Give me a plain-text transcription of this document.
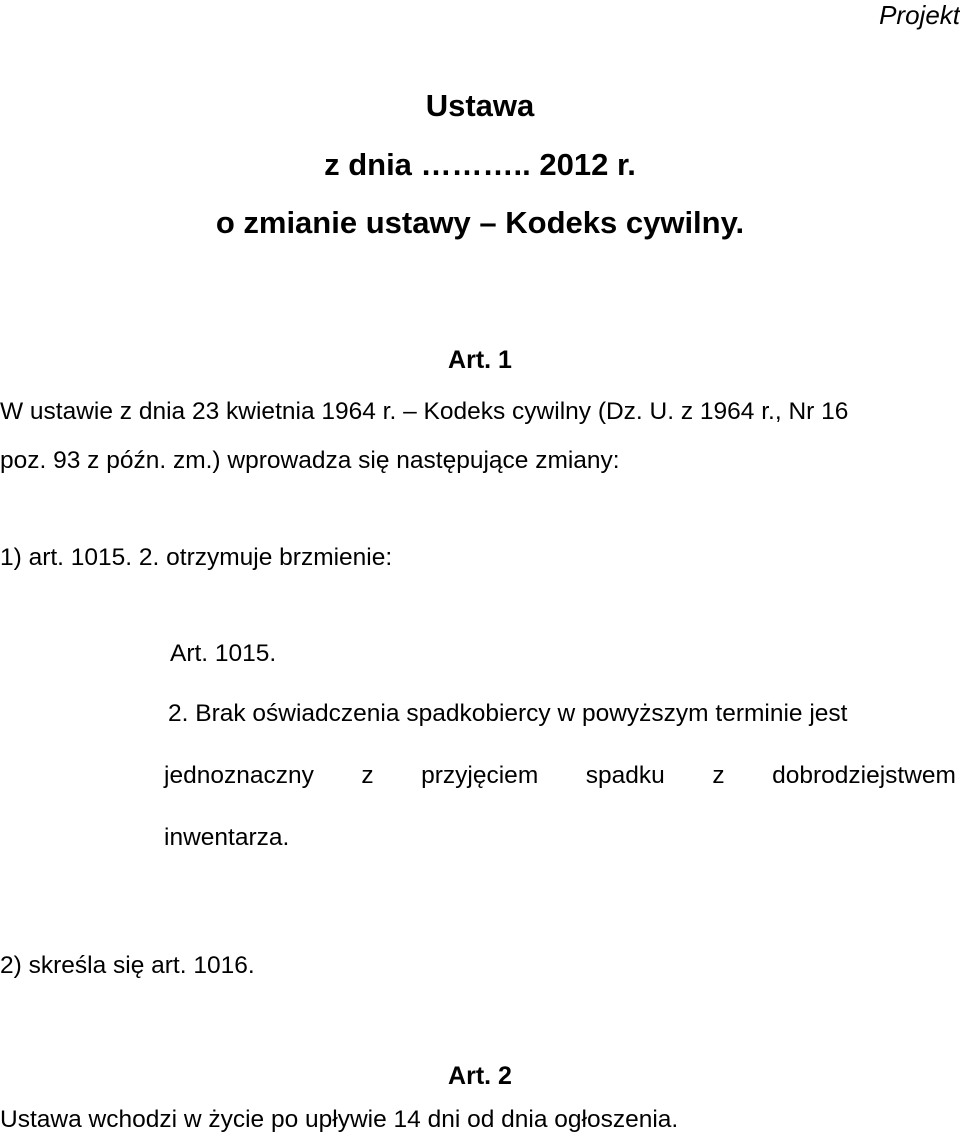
Projekt

Ustawa

z dnia ……….. 2012 r.

o zmianie ustawy – Kodeks cywilny.

Art. 1

W ustawie z dnia 23 kwietnia 1964 r. – Kodeks cywilny (Dz. U. z 1964 r., Nr 16

poz. 93 z późn. zm.) wprowadza się następujące zmiany:

1) art. 1015. 2. otrzymuje brzmienie:

Art. 1015.

2. Brak oświadczenia spadkobiercy w powyższym terminie jest

jednoznaczny z przyjęciem spadku z dobrodziejstwem

inwentarza.

2) skreśla się art. 1016.

Art. 2

Ustawa wchodzi w życie po upływie 14 dni od dnia ogłoszenia.
